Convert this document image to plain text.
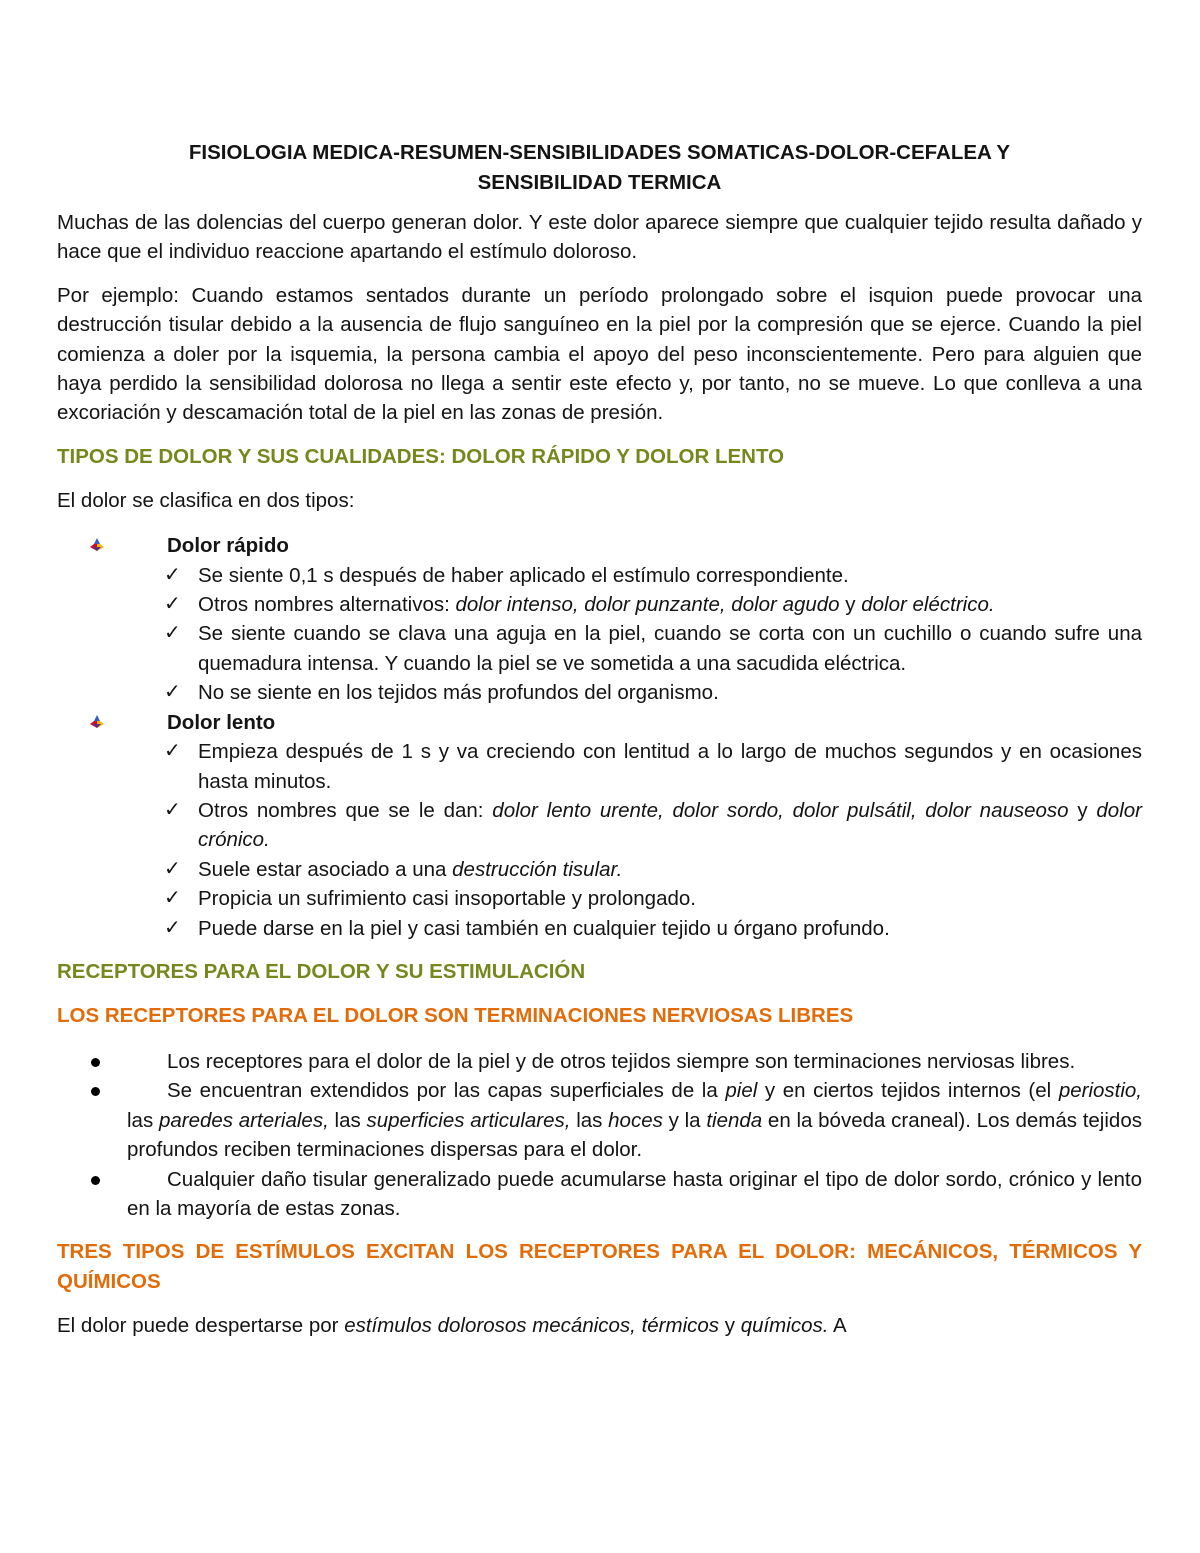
FISIOLOGIA MEDICA-RESUMEN-SENSIBILIDADES SOMATICAS-DOLOR-CEFALEA Y
SENSIBILIDAD TERMICA

Muchas de las dolencias del cuerpo generan dolor. Y este dolor aparece siempre que cualquier tejido resulta dañado y hace que el individuo reaccione apartando el estímulo doloroso.

Por ejemplo: Cuando estamos sentados durante un período prolongado sobre el isquion puede provocar una destrucción tisular debido a la ausencia de flujo sanguíneo en la piel por la compresión que se ejerce. Cuando la piel comienza a doler por la isquemia, la persona cambia el apoyo del peso inconscientemente. Pero para alguien que haya perdido la sensibilidad dolorosa no llega a sentir este efecto y, por tanto, no se mueve. Lo que conlleva a una excoriación y descamación total de la piel en las zonas de presión.

TIPOS DE DOLOR Y SUS CUALIDADES: DOLOR RÁPIDO Y DOLOR LENTO

El dolor se clasifica en dos tipos:

Dolor rápido
✓ Se siente 0,1 s después de haber aplicado el estímulo correspondiente.
✓ Otros nombres alternativos: dolor intenso, dolor punzante, dolor agudo y dolor eléctrico.
✓ Se siente cuando se clava una aguja en la piel, cuando se corta con un cuchillo o cuando sufre una quemadura intensa. Y cuando la piel se ve sometida a una sacudida eléctrica.
✓ No se siente en los tejidos más profundos del organismo.
Dolor lento
✓ Empieza después de 1 s y va creciendo con lentitud a lo largo de muchos segundos y en ocasiones hasta minutos.
✓ Otros nombres que se le dan: dolor lento urente, dolor sordo, dolor pulsátil, dolor nauseoso y dolor crónico.
✓ Suele estar asociado a una destrucción tisular.
✓ Propicia un sufrimiento casi insoportable y prolongado.
✓ Puede darse en la piel y casi también en cualquier tejido u órgano profundo.
RECEPTORES PARA EL DOLOR Y SU ESTIMULACIÓN
LOS RECEPTORES PARA EL DOLOR SON TERMINACIONES NERVIOSAS LIBRES
Los receptores para el dolor de la piel y de otros tejidos siempre son terminaciones nerviosas libres.
Se encuentran extendidos por las capas superficiales de la piel y en ciertos tejidos internos (el periostio, las paredes arteriales, las superficies articulares, las hoces y la tienda en la bóveda craneal). Los demás tejidos profundos reciben terminaciones dispersas para el dolor.
Cualquier daño tisular generalizado puede acumularse hasta originar el tipo de dolor sordo, crónico y lento en la mayoría de estas zonas.
TRES TIPOS DE ESTÍMULOS EXCITAN LOS RECEPTORES PARA EL DOLOR: MECÁNICOS, TÉRMICOS Y QUÍMICOS

El dolor puede despertarse por estímulos dolorosos mecánicos, térmicos y químicos. A
